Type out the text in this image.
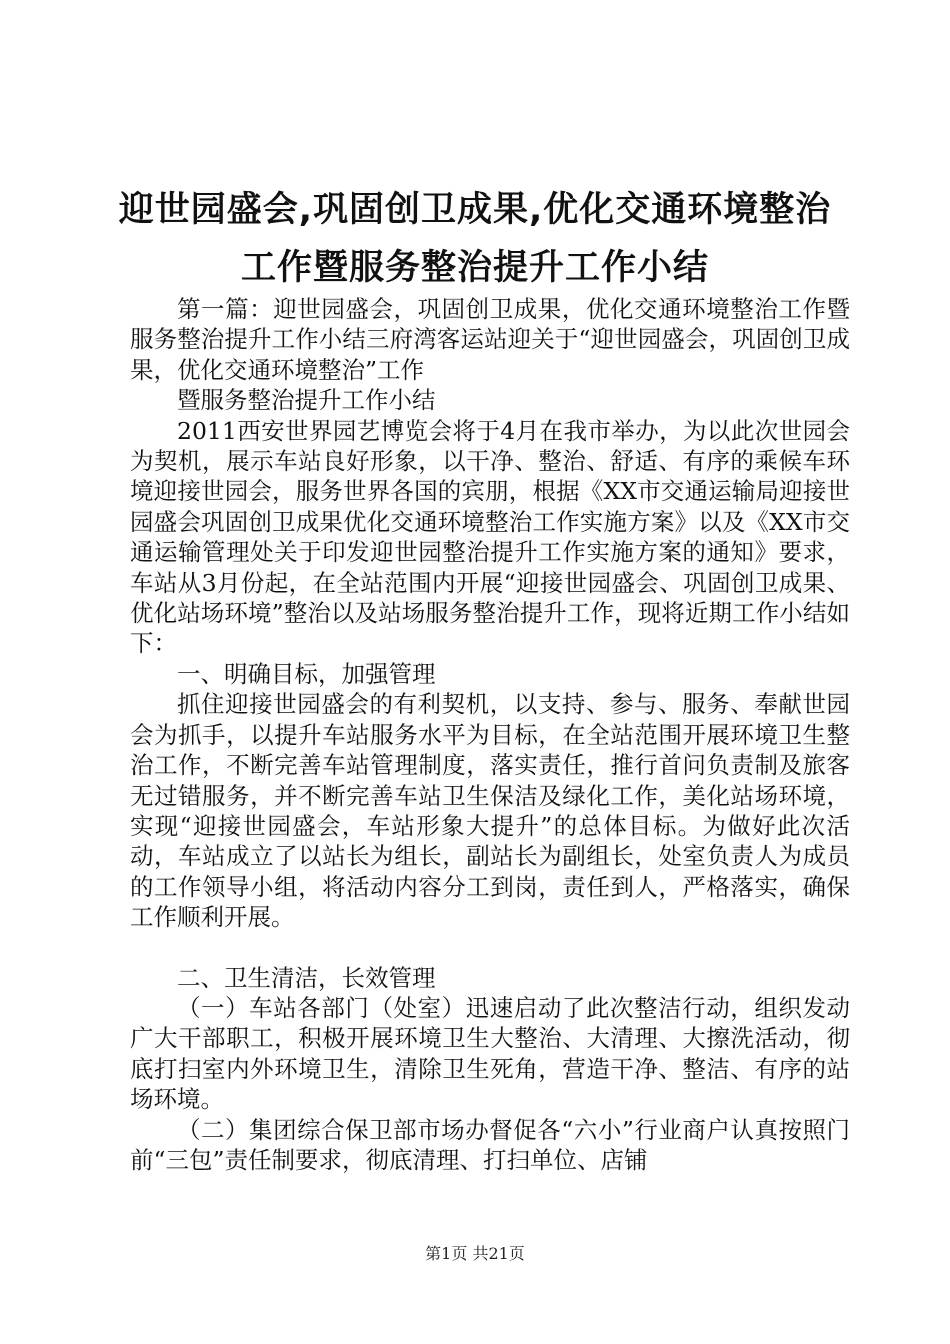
迎世园盛会,巩固创卫成果,优化交通环境整治
工作暨服务整治提升工作小结

第一篇：迎世园盛会，巩固创卫成果，优化交通环境整治工作暨服务整治提升工作小结三府湾客运站迎关于“迎世园盛会，巩固创卫成果，优化交通环境整治”工作

暨服务整治提升工作小结

2011西安世界园艺博览会将于4月在我市举办，为以此次世园会为契机，展示车站良好形象，以干净、整治、舒适、有序的乘候车环境迎接世园会，服务世界各国的宾朋，根据《XX市交通运输局迎接世园盛会巩固创卫成果优化交通环境整治工作实施方案》以及《XX市交通运输管理处关于印发迎世园整治提升工作实施方案的通知》要求，车站从3月份起，在全站范围内开展“迎接世园盛会、巩固创卫成果、优化站场环境”整治以及站场服务整治提升工作，现将近期工作小结如下：

一、明确目标，加强管理

抓住迎接世园盛会的有利契机，以支持、参与、服务、奉献世园会为抓手，以提升车站服务水平为目标，在全站范围开展环境卫生整治工作，不断完善车站管理制度，落实责任，推行首问负责制及旅客无过错服务，并不断完善车站卫生保洁及绿化工作，美化站场环境，实现“迎接世园盛会，车站形象大提升”的总体目标。为做好此次活动，车站成立了以站长为组长，副站长为副组长，处室负责人为成员的工作领导小组，将活动内容分工到岗，责任到人，严格落实，确保工作顺利开展。

二、卫生清洁，长效管理

（一）车站各部门（处室）迅速启动了此次整洁行动，组织发动广大干部职工，积极开展环境卫生大整治、大清理、大擦洗活动，彻底打扫室内外环境卫生，清除卫生死角，营造干净、整洁、有序的站场环境。

（二）集团综合保卫部市场办督促各“六小”行业商户认真按照门前“三包”责任制要求，彻底清理、打扫单位、店铺

第1页 共21页
